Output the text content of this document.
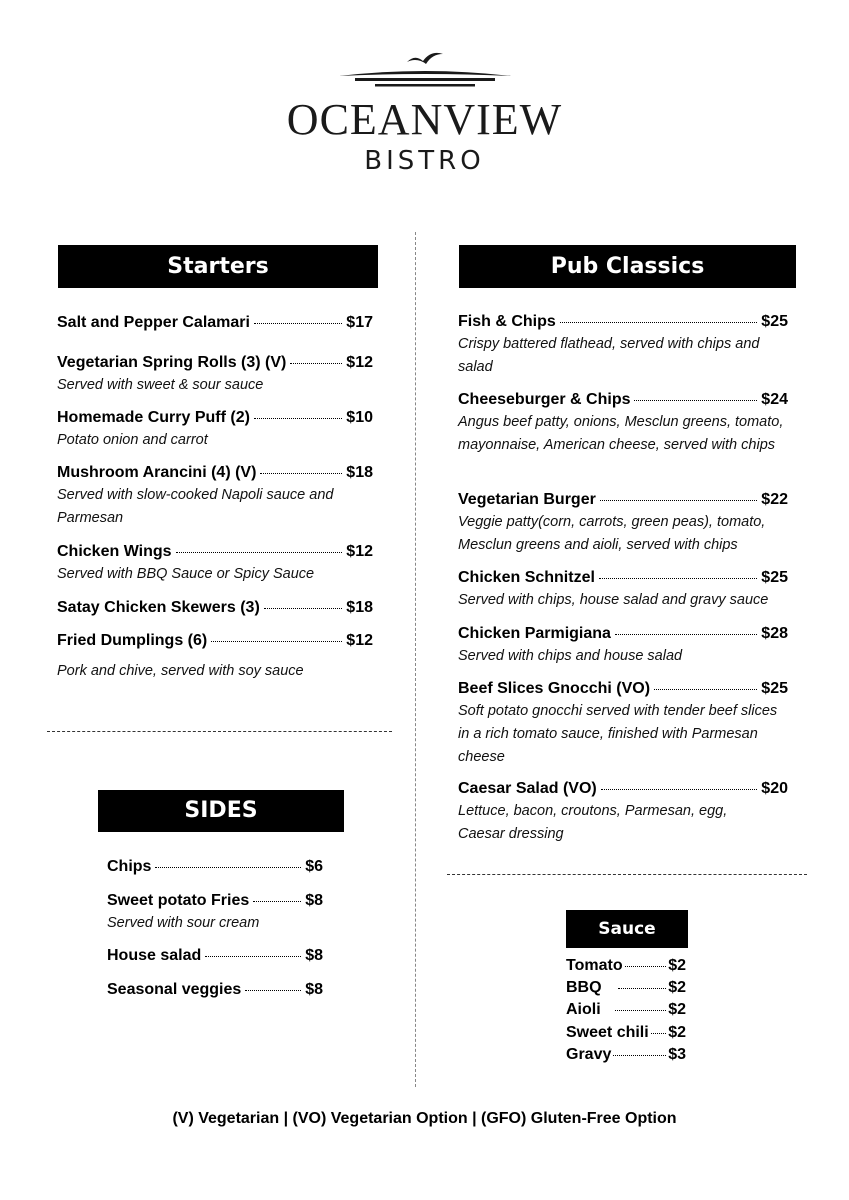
OCEANVIEW
BISTRO
Starters
Salt and Pepper Calamari	$17
Vegetarian Spring Rolls (3) (V)	$12
Served with sweet & sour sauce
Homemade Curry Puff (2)	$10
Potato onion and carrot
Mushroom Arancini (4) (V)	$18
Served with slow-cooked Napoli sauce and Parmesan
Chicken Wings	$12
Served with BBQ Sauce or Spicy Sauce
Satay Chicken Skewers (3)	$18
Fried Dumplings (6)	$12
Pork and chive, served with soy sauce
SIDES
Chips	$6
Sweet potato Fries	$8
Served with sour cream
House salad	$8
Seasonal veggies	$8
Pub Classics
Fish & Chips	$25
Crispy battered flathead, served with chips and salad
Cheeseburger & Chips	$24
Angus beef patty, onions, Mesclun greens, tomato, mayonnaise, American cheese, served with chips
Vegetarian Burger	$22
Veggie patty(corn, carrots, green peas), tomato, Mesclun greens and aioli, served with chips
Chicken Schnitzel	$25
Served with chips, house salad and gravy sauce
Chicken Parmigiana	$28
Served with chips and house salad
Beef Slices Gnocchi (VO)	$25
Soft potato gnocchi served with tender beef slices in a rich tomato sauce, finished with Parmesan cheese
Caesar Salad (VO)	$20
Lettuce, bacon, croutons, Parmesan, egg, Caesar dressing
Sauce
Tomato	$2
BBQ	$2
Aioli	$2
Sweet chili $2
Gravy	$3
(V) Vegetarian | (VO) Vegetarian Option | (GFO) Gluten-Free Option
